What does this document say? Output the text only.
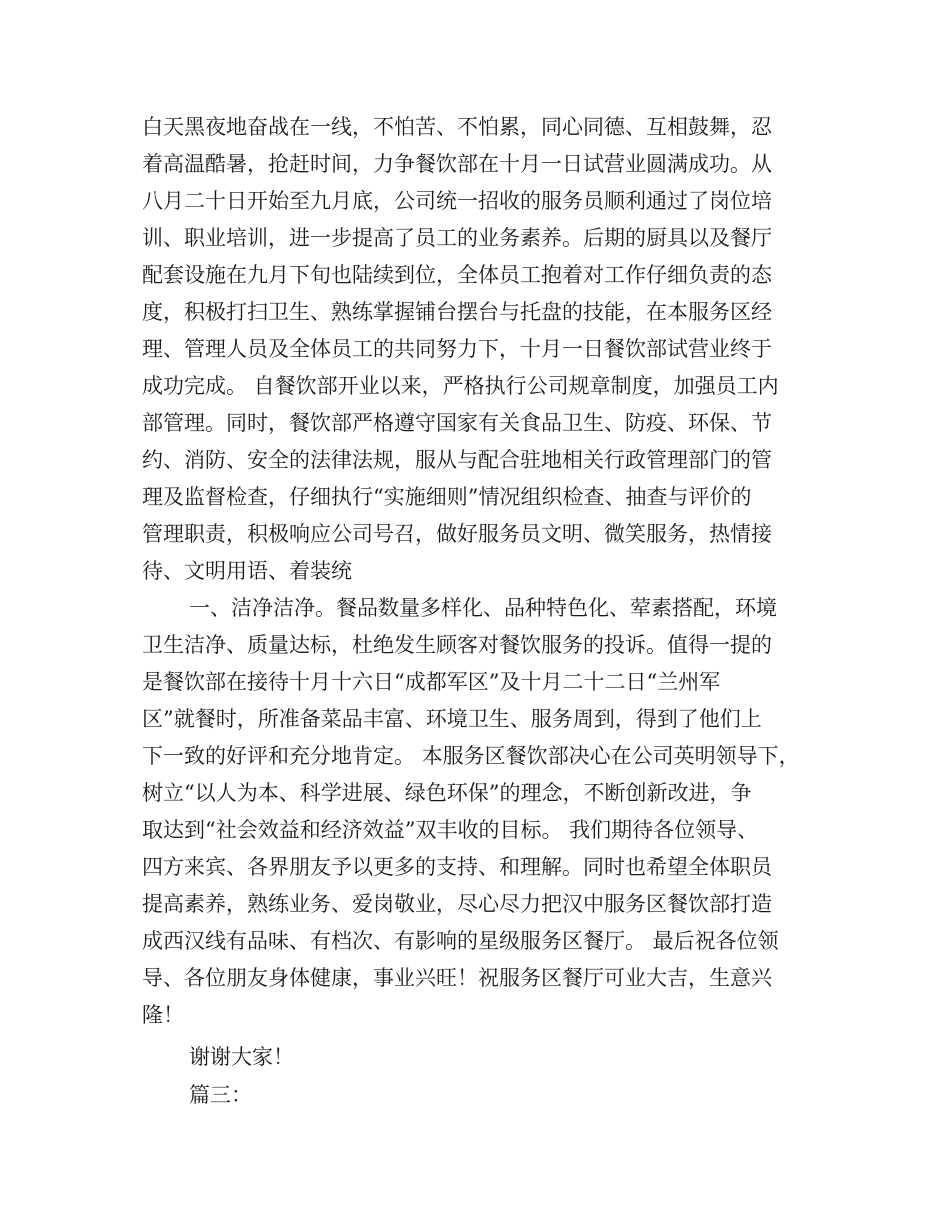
白天黑夜地奋战在一线，不怕苦、不怕累，同心同德、互相鼓舞，忍
着高温酷暑，抢赶时间，力争餐饮部在十月一日试营业圆满成功。从
八月二十日开始至九月底，公司统一招收的服务员顺利通过了岗位培
训、职业培训，进一步提高了员工的业务素养。后期的厨具以及餐厅
配套设施在九月下旬也陆续到位，全体员工抱着对工作仔细负责的态
度，积极打扫卫生、熟练掌握铺台摆台与托盘的技能，在本服务区经
理、管理人员及全体员工的共同努力下，十月一日餐饮部试营业终于
成功完成。 自餐饮部开业以来，严格执行公司规章制度，加强员工内
部管理。同时，餐饮部严格遵守国家有关食品卫生、防疫、环保、节
约、消防、安全的法律法规，服从与配合驻地相关行政管理部门的管
理及监督检查，仔细执行“实施细则”情况组织检查、抽查与评价的
管理职责，积极响应公司号召，做好服务员文明、微笑服务，热情接
待、文明用语、着装统
一、洁净洁净。餐品数量多样化、品种特色化、荤素搭配，环境
卫生洁净、质量达标，杜绝发生顾客对餐饮服务的投诉。值得一提的
是餐饮部在接待十月十六日“成都军区”及十月二十二日“兰州军
区”就餐时，所准备菜品丰富、环境卫生、服务周到，得到了他们上
下一致的好评和充分地肯定。 本服务区餐饮部决心在公司英明领导下，
树立“以人为本、科学进展、绿色环保”的理念，不断创新改进，争
取达到“社会效益和经济效益”双丰收的目标。 我们期待各位领导、
四方来宾、各界朋友予以更多的支持、和理解。同时也希望全体职员
提高素养，熟练业务、爱岗敬业，尽心尽力把汉中服务区餐饮部打造
成西汉线有品味、有档次、有影响的星级服务区餐厅。 最后祝各位领
导、各位朋友身体健康，事业兴旺！祝服务区餐厅可业大吉，生意兴
隆！
谢谢大家！
篇三：
